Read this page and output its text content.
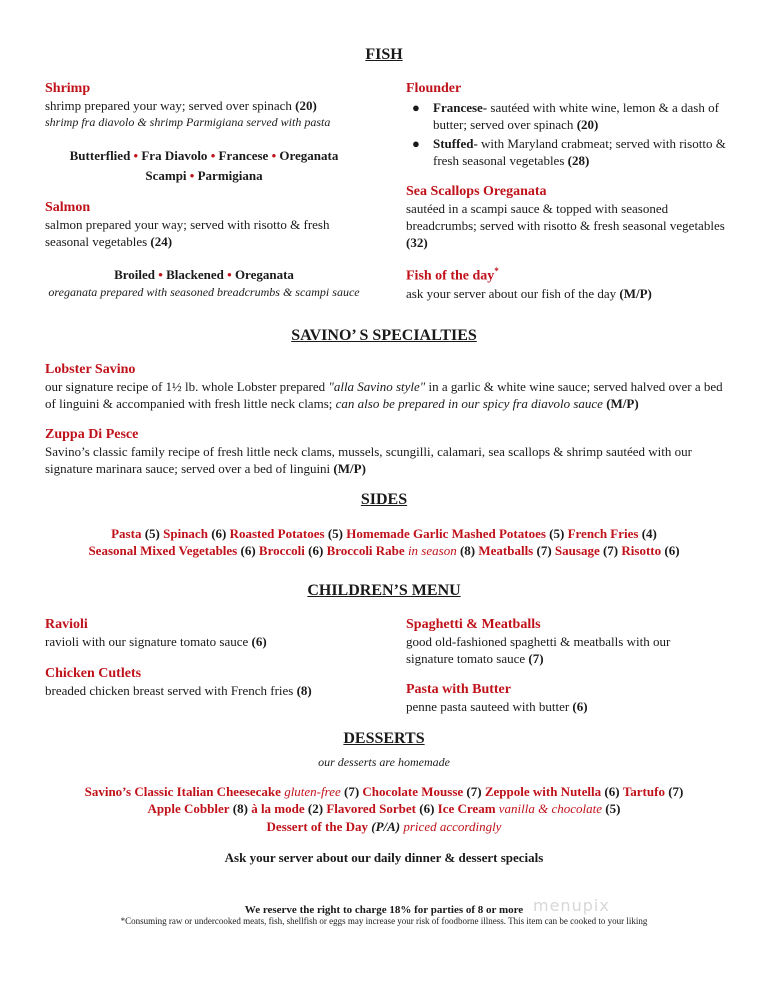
FISH
Shrimp
shrimp prepared your way; served over spinach (20)
shrimp fra diavolo & shrimp Parmigiana served with pasta
Butterflied • Fra Diavolo • Francese • Oreganata
Scampi • Parmigiana
Salmon
salmon prepared your way; served with risotto & fresh seasonal vegetables (24)
Broiled • Blackened • Oreganata
oreganata prepared with seasoned breadcrumbs & scampi sauce
Flounder
● Francese- sautéed with white wine, lemon & a dash of butter; served over spinach (20)
● Stuffed- with Maryland crabmeat; served with risotto & fresh seasonal vegetables (28)
Sea Scallops Oreganata
sautéed in a scampi sauce & topped with seasoned breadcrumbs; served with risotto & fresh seasonal vegetables (32)
Fish of the day*
ask your server about our fish of the day (M/P)
SAVINO’ S SPECIALTIES
Lobster Savino
our signature recipe of 1½ lb. whole Lobster prepared "alla Savino style" in a garlic & white wine sauce; served halved over a bed of linguini & accompanied with fresh little neck clams; can also be prepared in our spicy fra diavolo sauce (M/P)
Zuppa Di Pesce
Savino’s classic family recipe of fresh little neck clams, mussels, scungilli, calamari, sea scallops & shrimp sautéed with our signature marinara sauce; served over a bed of linguini (M/P)
SIDES
Pasta (5) Spinach (6) Roasted Potatoes (5) Homemade Garlic Mashed Potatoes (5) French Fries (4)
Seasonal Mixed Vegetables (6) Broccoli (6) Broccoli Rabe in season (8) Meatballs (7) Sausage (7) Risotto (6)
CHILDREN’S MENU
Ravioli
ravioli with our signature tomato sauce (6)
Chicken Cutlets
breaded chicken breast served with French fries (8)
Spaghetti & Meatballs
good old-fashioned spaghetti & meatballs with our signature tomato sauce (7)
Pasta with Butter
penne pasta sauteed with butter (6)
DESSERTS
our desserts are homemade
Savino’s Classic Italian Cheesecake gluten-free (7) Chocolate Mousse (7) Zeppole with Nutella (6) Tartufo (7)
Apple Cobbler (8) à la mode (2) Flavored Sorbet (6) Ice Cream vanilla & chocolate (5)
Dessert of the Day (P/A) priced accordingly
Ask your server about our daily dinner & dessert specials
We reserve the right to charge 18% for parties of 8 or more
*Consuming raw or undercooked meats, fish, shellfish or eggs may increase your risk of foodborne illness. This item can be cooked to your liking
menupix
